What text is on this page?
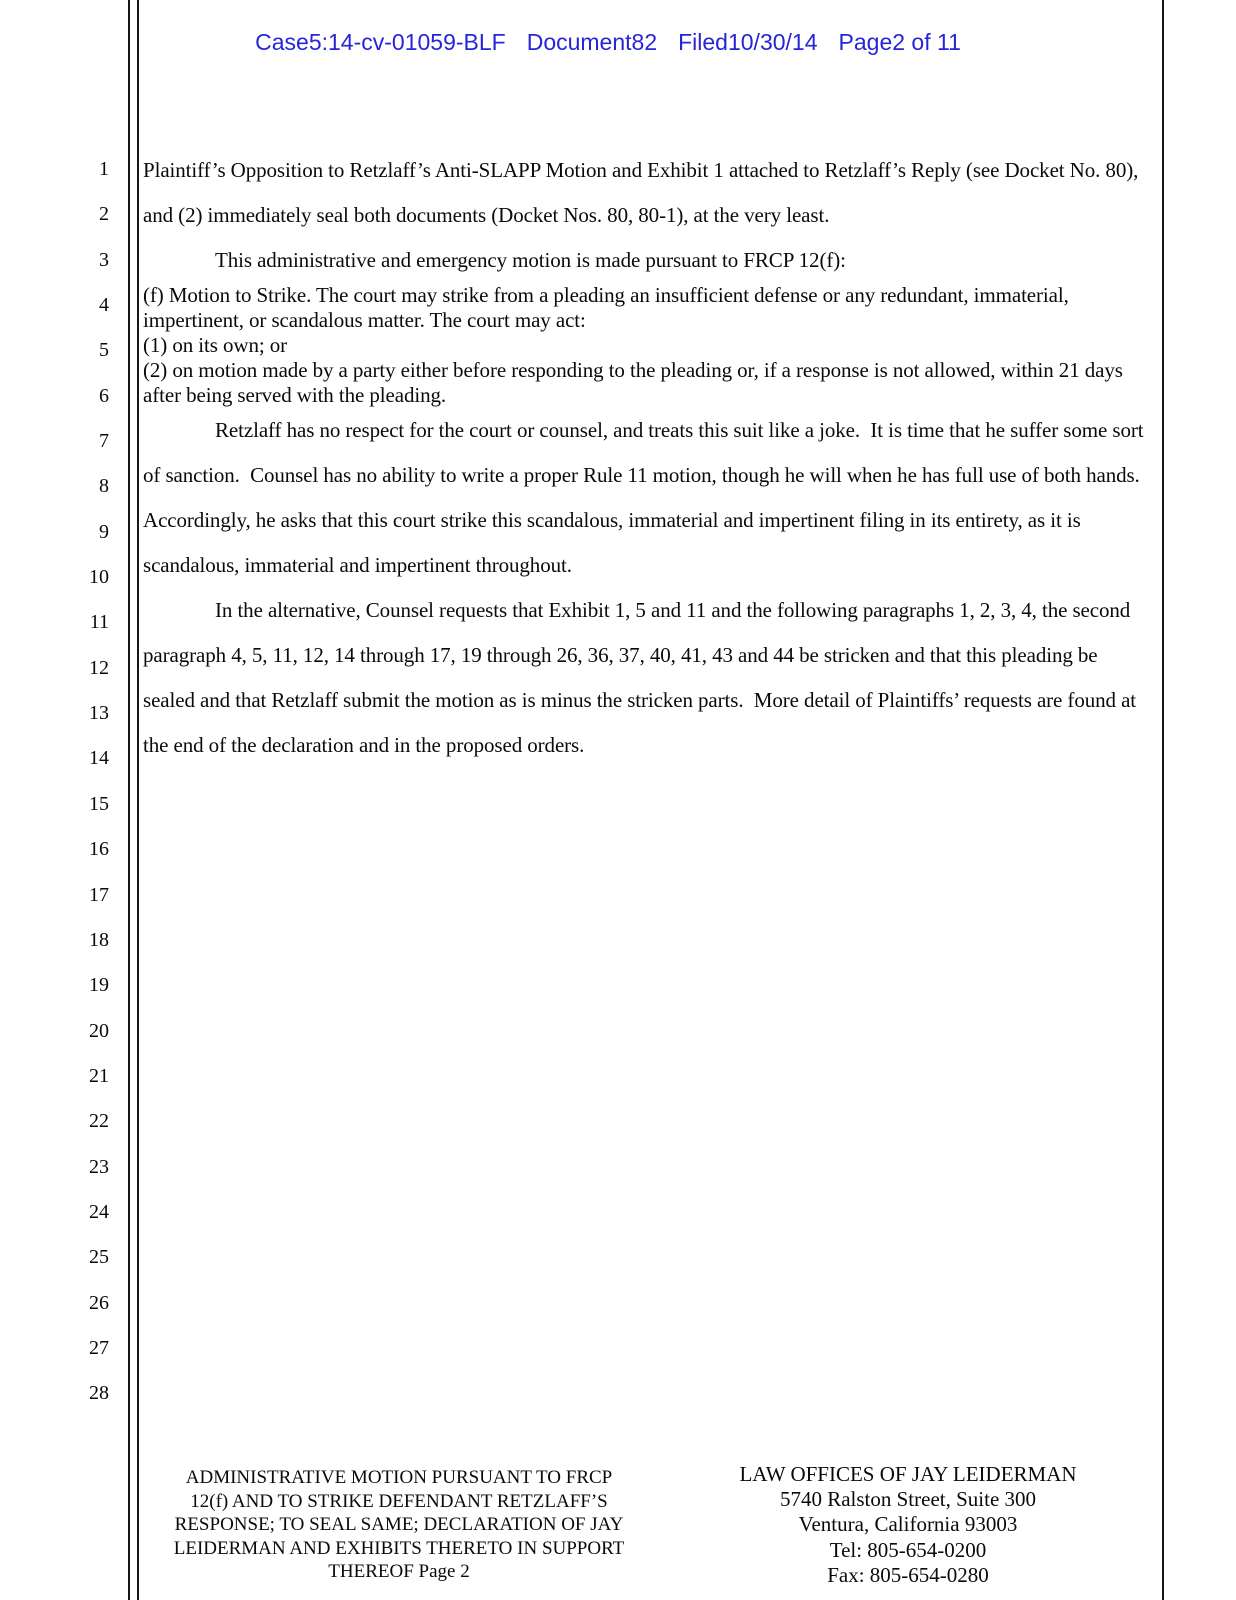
Case5:14-cv-01059-BLF Document82 Filed10/30/14 Page2 of 11
1
2
3
4
5
6
7
8
9
10
11
12
13
14
15
16
17
18
19
20
21
22
23
24
25
26
27
28

Plaintiff’s Opposition to Retzlaff’s Anti-SLAPP Motion and Exhibit 1 attached to Retzlaff’s Reply (see Docket No. 80), and (2) immediately seal both documents (Docket Nos. 80, 80-1), at the very least.

This administrative and emergency motion is made pursuant to FRCP 12(f):

(f) Motion to Strike. The court may strike from a pleading an insufficient defense or any redundant, immaterial, impertinent, or scandalous matter. The court may act:

(1) on its own; or

(2) on motion made by a party either before responding to the pleading or, if a response is not allowed, within 21 days after being served with the pleading.

Retzlaff has no respect for the court or counsel, and treats this suit like a joke.  It is time that he suffer some sort of sanction.  Counsel has no ability to write a proper Rule 11 motion, though he will when he has full use of both hands.  Accordingly, he asks that this court strike this scandalous, immaterial and impertinent filing in its entirety, as it is scandalous, immaterial and impertinent throughout.

In the alternative, Counsel requests that Exhibit 1, 5 and 11 and the following paragraphs 1, 2, 3, 4, the second paragraph 4, 5, 11, 12, 14 through 17, 19 through 26, 36, 37, 40, 41, 43 and 44 be stricken and that this pleading be sealed and that Retzlaff submit the motion as is minus the stricken parts.  More detail of Plaintiffs’ requests are found at the end of the declaration and in the proposed orders.

ADMINISTRATIVE MOTION PURSUANT TO FRCP
12(f) AND TO STRIKE DEFENDANT RETZLAFF’S
RESPONSE; TO SEAL SAME; DECLARATION OF JAY
LEIDERMAN AND EXHIBITS THERETO IN SUPPORT
THEREOF Page 2
LAW OFFICES OF JAY LEIDERMAN
5740 Ralston Street, Suite 300
Ventura, California 93003
Tel: 805-654-0200
Fax: 805-654-0280
